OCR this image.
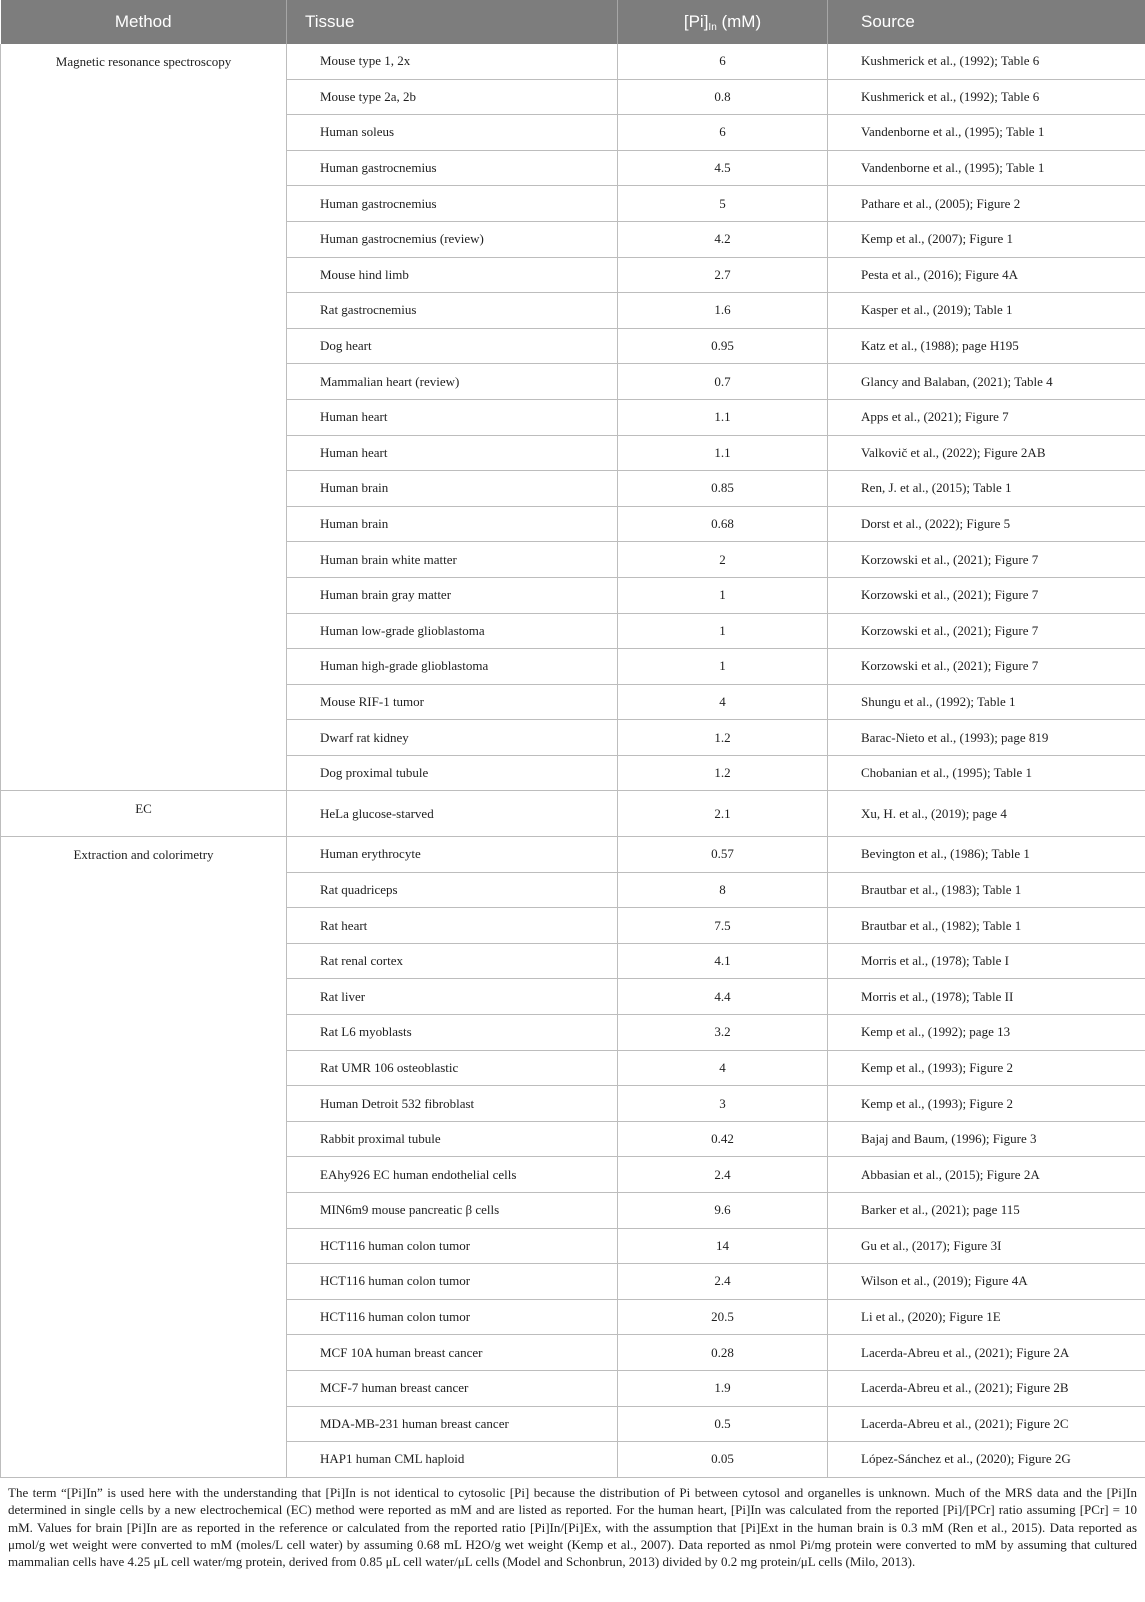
Method	Tissue	$[Pi]_{In}$ (mM)	Source

Magnetic resonance spectroscopy	Mouse type 1, 2x	6	Kushmerick et al., (1992); Table 6
	Mouse type 2a, 2b	0.8	Kushmerick et al., (1992); Table 6
	Human soleus	6	Vandenborne et al., (1995); Table 1
	Human gastrocnemius	4.5	Vandenborne et al., (1995); Table 1
	Human gastrocnemius	5	Pathare et al., (2005); Figure 2
	Human gastrocnemius (review)	4.2	Kemp et al., (2007); Figure 1
	Mouse hind limb	2.7	Pesta et al., (2016); Figure 4A
	Rat gastrocnemius	1.6	Kasper et al., (2019); Table 1
	Dog heart	0.95	Katz et al., (1988); page H195
	Mammalian heart (review)	0.7	Glancy and Balaban, (2021); Table 4
	Human heart	1.1	Apps et al., (2021); Figure 7
	Human heart	1.1	Valkovič et al., (2022); Figure 2AB
	Human brain	0.85	Ren, J. et al., (2015); Table 1
	Human brain	0.68	Dorst et al., (2022); Figure 5
	Human brain white matter	2	Korzowski et al., (2021); Figure 7
	Human brain gray matter	1	Korzowski et al., (2021); Figure 7
	Human low-grade glioblastoma	1	Korzowski et al., (2021); Figure 7
	Human high-grade glioblastoma	1	Korzowski et al., (2021); Figure 7
	Mouse RIF-1 tumor	4	Shungu et al., (1992); Table 1
	Dwarf rat kidney	1.2	Barac-Nieto et al., (1993); page 819
	Dog proximal tubule	1.2	Chobanian et al., (1995); Table 1

EC	HeLa glucose-starved	2.1	Xu, H. et al., (2019); page 4

Extraction and colorimetry	Human erythrocyte	0.57	Bevington et al., (1986); Table 1
	Rat quadriceps	8	Brautbar et al., (1983); Table 1
	Rat heart	7.5	Brautbar et al., (1982); Table 1
	Rat renal cortex	4.1	Morris et al., (1978); Table I
	Rat liver	4.4	Morris et al., (1978); Table II
	Rat L6 myoblasts	3.2	Kemp et al., (1992); page 13
	Rat UMR 106 osteoblastic	4	Kemp et al., (1993); Figure 2
	Human Detroit 532 fibroblast	3	Kemp et al., (1993); Figure 2
	Rabbit proximal tubule	0.42	Bajaj and Baum, (1996); Figure 3
	EAhy926 EC human endothelial cells	2.4	Abbasian et al., (2015); Figure 2A
	MIN6m9 mouse pancreatic β cells	9.6	Barker et al., (2021); page 115
	HCT116 human colon tumor	14	Gu et al., (2017); Figure 3I
	HCT116 human colon tumor	2.4	Wilson et al., (2019); Figure 4A
	HCT116 human colon tumor	20.5	Li et al., (2020); Figure 1E
	MCF 10A human breast cancer	0.28	Lacerda-Abreu et al., (2021); Figure 2A
	MCF-7 human breast cancer	1.9	Lacerda-Abreu et al., (2021); Figure 2B
	MDA-MB-231 human breast cancer	0.5	Lacerda-Abreu et al., (2021); Figure 2C
	HAP1 human CML haploid	0.05	López-Sánchez et al., (2020); Figure 2G
The term “[Pi]In” is used here with the understanding that [Pi]In is not identical to cytosolic [Pi] because the distribution of Pi between cytosol and organelles is unknown. Much of the MRS data and the [Pi]In determined in single cells by a new electrochemical (EC) method were reported as mM and are listed as reported. For the human heart, [Pi]In was calculated from the reported [Pi]/[PCr] ratio assuming [PCr] = 10 mM. Values for brain [Pi]In are as reported in the reference or calculated from the reported ratio [Pi]In/[Pi]Ex, with the assumption that [Pi]Ext in the human brain is 0.3 mM (Ren et al., 2015). Data reported as μmol/g wet weight were converted to mM (moles/L cell water) by assuming 0.68 mL H2O/g wet weight (Kemp et al., 2007). Data reported as nmol Pi/mg protein were converted to mM by assuming that cultured mammalian cells have 4.25 μL cell water/mg protein, derived from 0.85 μL cell water/μL cells (Model and Schonbrun, 2013) divided by 0.2 mg protein/μL cells (Milo, 2013).
